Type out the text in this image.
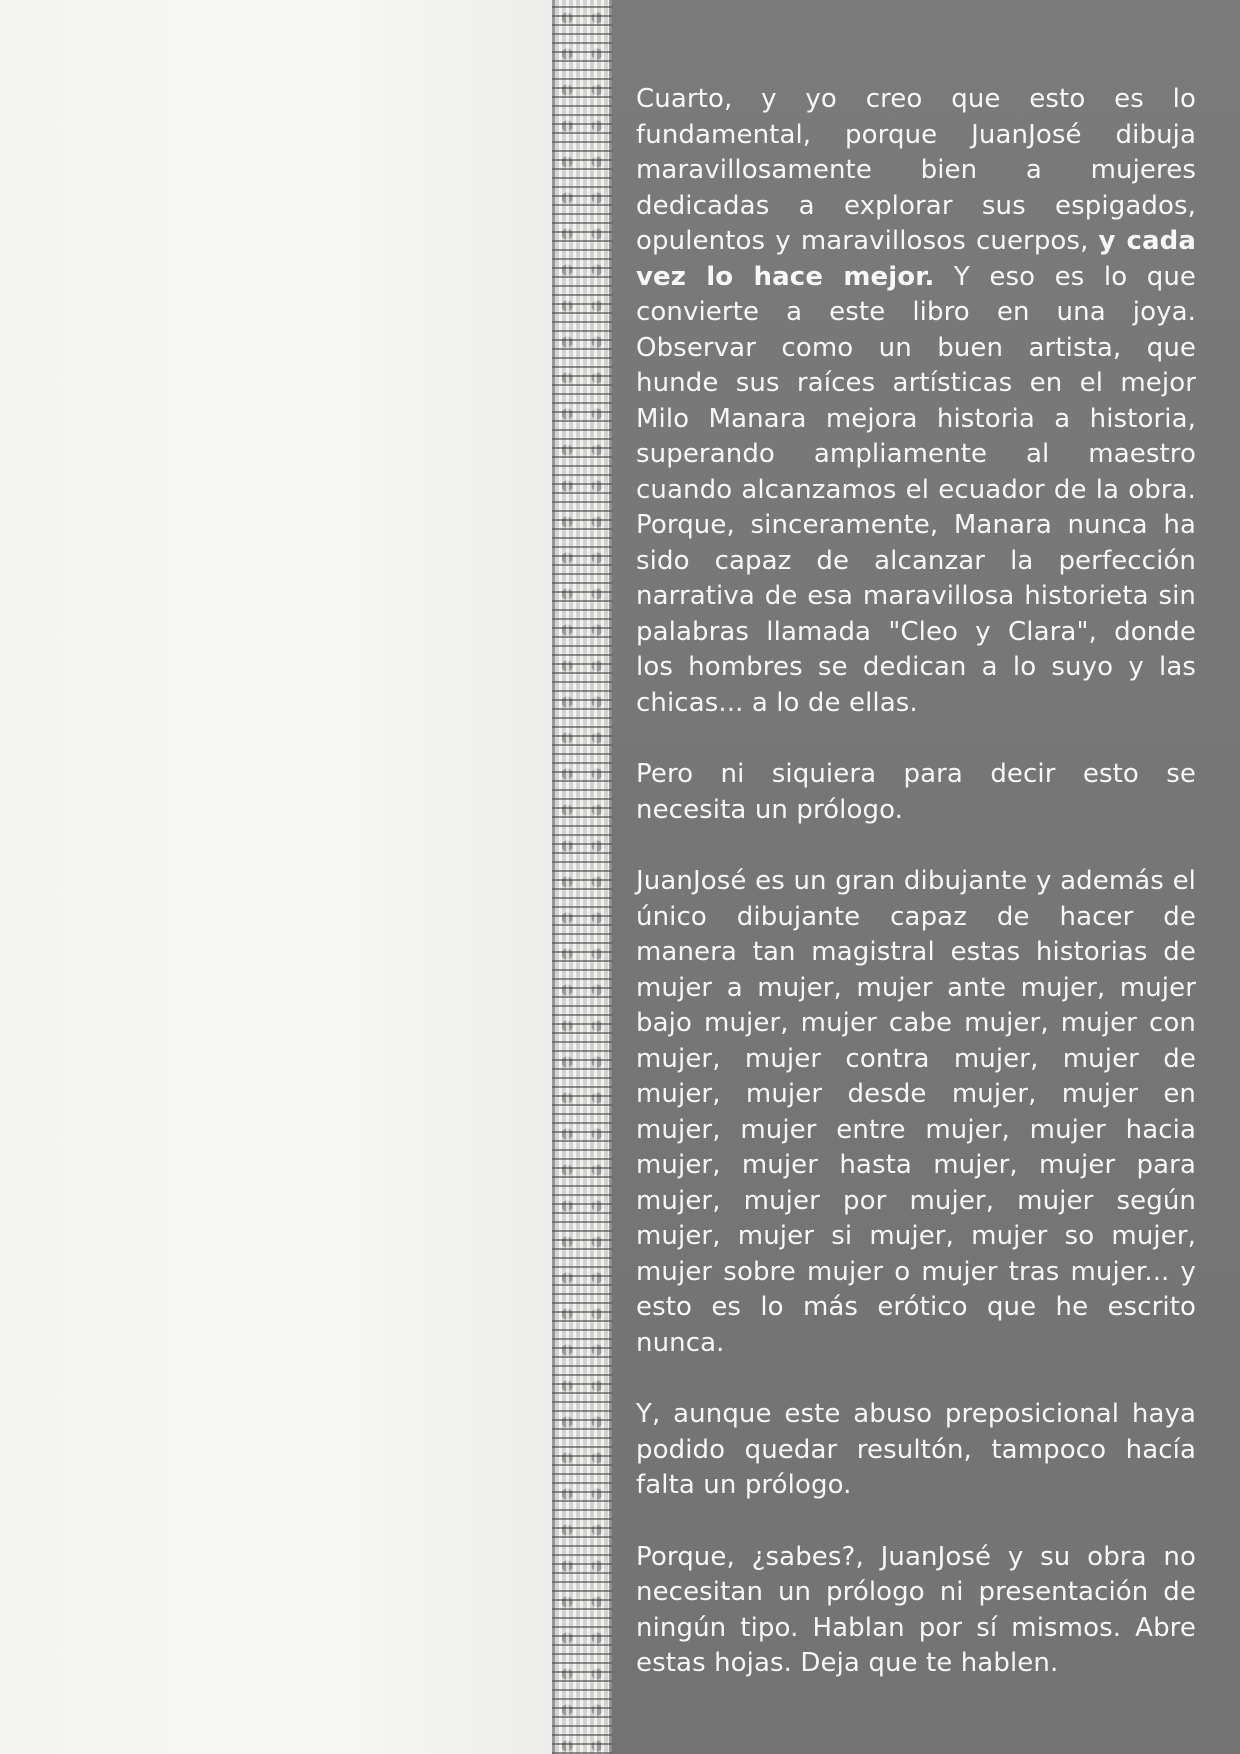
Cuarto, y yo creo que esto es lo fundamental, porque JuanJosé dibuja maravillosamente bien a mujeres dedicadas a explorar sus espigados, opulentos y maravillosos cuerpos, y cada vez lo hace mejor. Y eso es lo que convierte a este libro en una joya. Observar como un buen artista, que hunde sus raíces artísticas en el mejor Milo Manara mejora historia a historia, superando ampliamente al maestro cuando alcanzamos el ecuador de la obra. Porque, sinceramente, Manara nunca ha sido capaz de alcanzar la perfección narrativa de esa maravillosa historieta sin palabras llamada "Cleo y Clara", donde los hombres se dedican a lo suyo y las chicas... a lo de ellas.

Pero ni siquiera para decir esto se necesita un prólogo.

JuanJosé es un gran dibujante y además el único dibujante capaz de hacer de manera tan magistral estas historias de mujer a mujer, mujer ante mujer, mujer bajo mujer, mujer cabe mujer, mujer con mujer, mujer contra mujer, mujer de mujer, mujer desde mujer, mujer en mujer, mujer entre mujer, mujer hacia mujer, mujer hasta mujer, mujer para mujer, mujer por mujer, mujer según mujer, mujer si mujer, mujer so mujer, mujer sobre mujer o mujer tras mujer... y esto es lo más erótico que he escrito nunca.

Y, aunque este abuso preposicional haya podido quedar resultón, tampoco hacía falta un prólogo.

Porque, ¿sabes?, JuanJosé y su obra no necesitan un prólogo ni presentación de ningún tipo. Hablan por sí mismos. Abre estas hojas. Deja que te hablen.
